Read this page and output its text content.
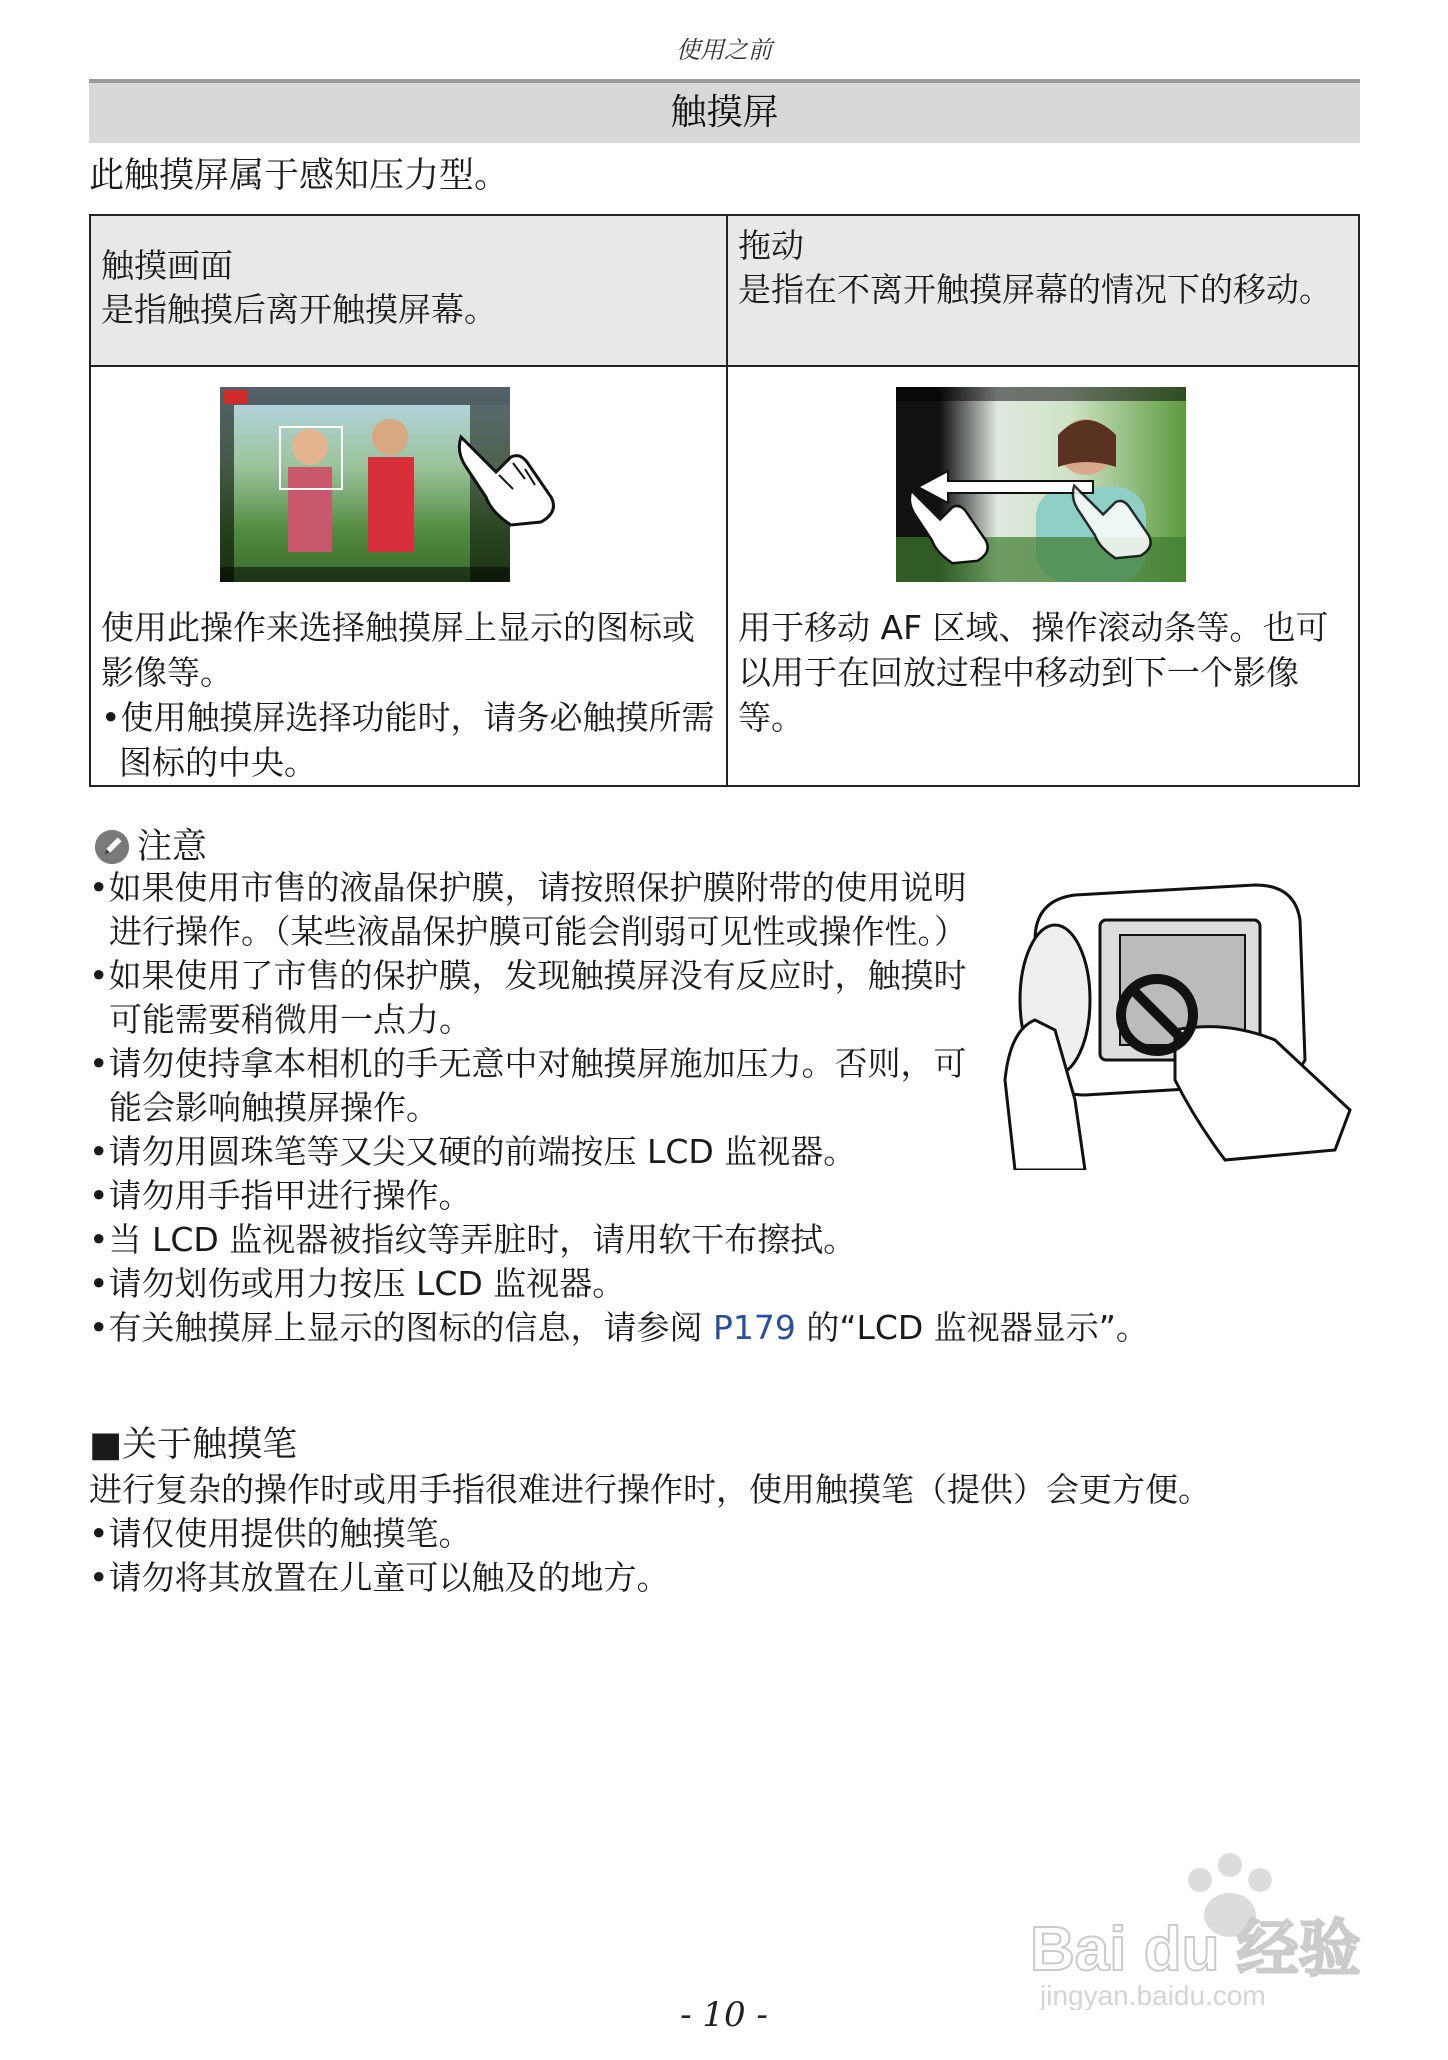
使用之前
触摸屏
此触摸屏属于感知压力型。
触摸画面
是指触摸后离开触摸屏幕。
拖动
是指在不离开触摸屏幕的情况下的移动。
使用此操作来选择触摸屏上显示的图标或影像等。
•使用触摸屏选择功能时，请务必触摸所需图标的中央。
用于移动 AF 区域、操作滚动条等。也可以用于在回放过程中移动到下一个影像等。
注意
•如果使用市售的液晶保护膜，请按照保护膜附带的使用说明进行操作。（某些液晶保护膜可能会削弱可见性或操作性。）
•如果使用了市售的保护膜，发现触摸屏没有反应时，触摸时可能需要稍微用一点力。
•请勿使持拿本相机的手无意中对触摸屏施加压力。否则，可能会影响触摸屏操作。
•请勿用圆珠笔等又尖又硬的前端按压 LCD 监视器。
•请勿用手指甲进行操作。
•当 LCD 监视器被指纹等弄脏时，请用软干布擦拭。
•请勿划伤或用力按压 LCD 监视器。
•有关触摸屏上显示的图标的信息，请参阅 P179 的“LCD 监视器显示”。
■关于触摸笔
进行复杂的操作时或用手指很难进行操作时，使用触摸笔（提供）会更方便。
•请仅使用提供的触摸笔。
•请勿将其放置在儿童可以触及的地方。
Bai du 经验
jingyan.baidu.com
- 10 -
